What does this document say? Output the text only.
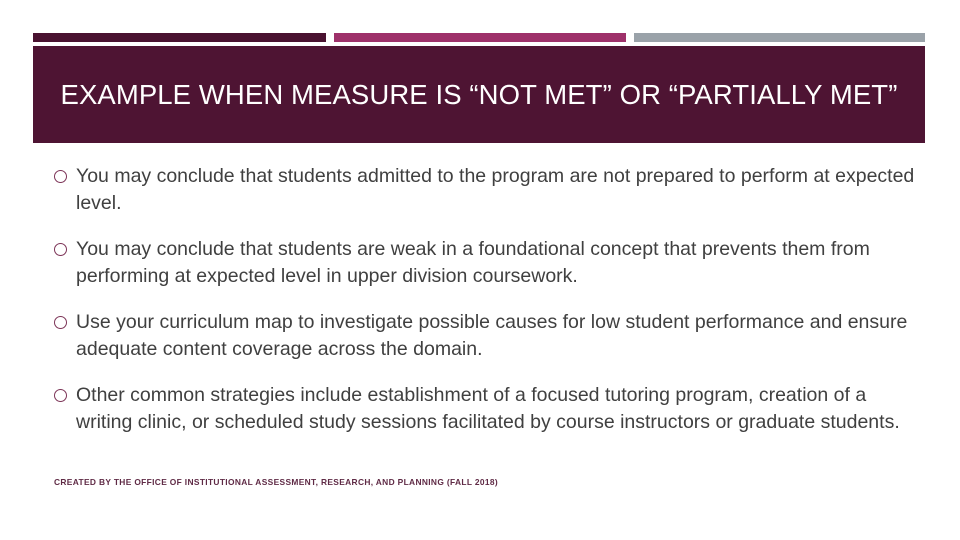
EXAMPLE WHEN MEASURE IS “NOT MET” OR “PARTIALLY MET”
You may conclude that students admitted to the program are not prepared to perform at expected level.
You may conclude that students are weak in a foundational concept that prevents them from performing at expected level in upper division coursework.
Use your curriculum map to investigate possible causes for low student performance and ensure adequate content coverage across the domain.
Other common strategies include establishment of a focused tutoring program, creation of a writing clinic, or scheduled study sessions facilitated by course instructors or graduate students.
CREATED BY THE OFFICE OF INSTITUTIONAL ASSESSMENT, RESEARCH, AND PLANNING (FALL 2018)
